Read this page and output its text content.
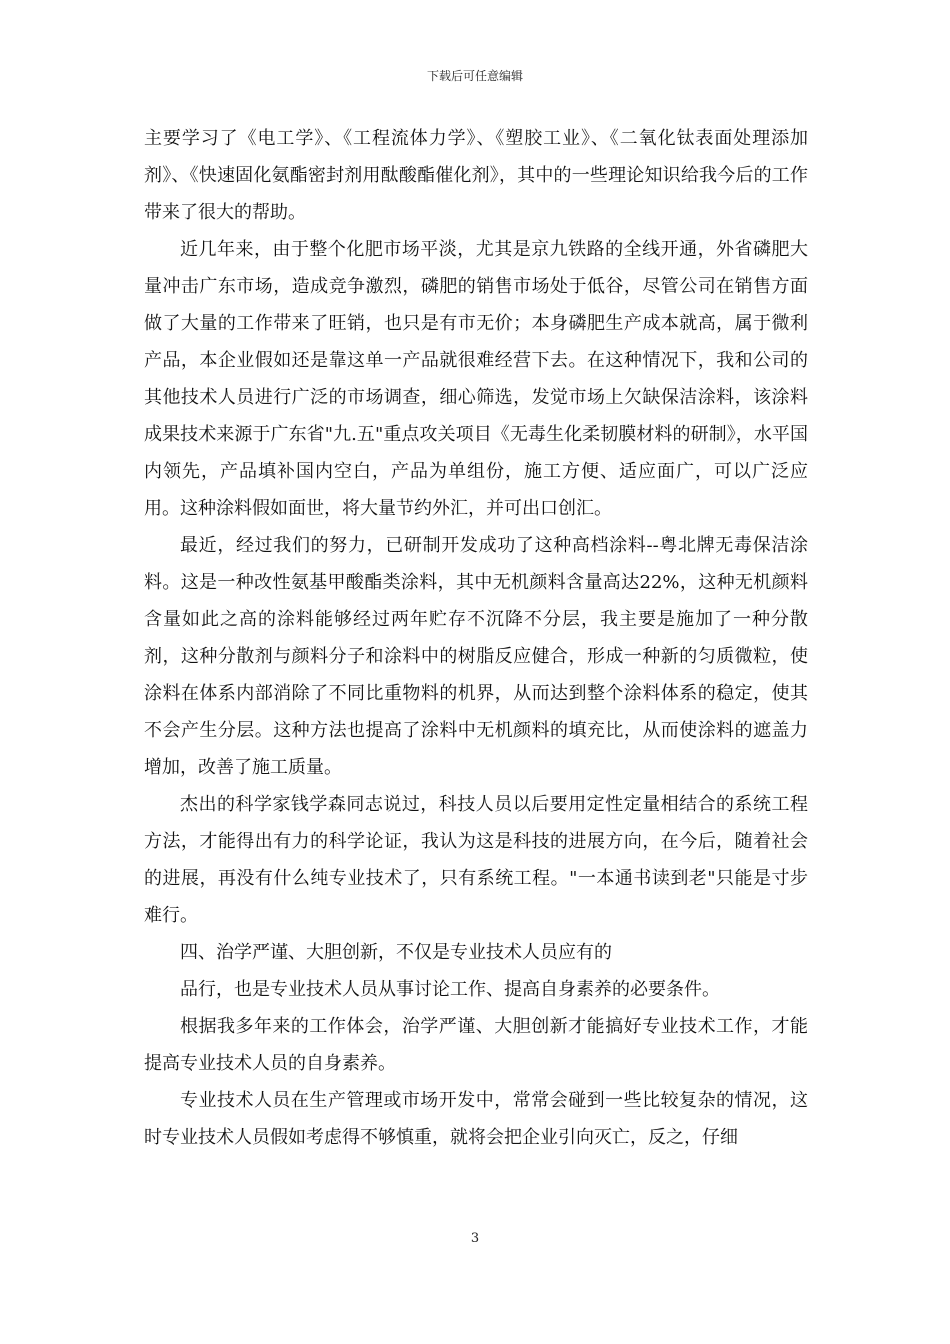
下载后可任意编辑

主要学习了《电工学》、《工程流体力学》、《塑胶工业》、《二氧化钛表面处理添加剂》、《快速固化氨酯密封剂用酞酸酯催化剂》，其中的一些理论知识给我今后的工作带来了很大的帮助。

近几年来，由于整个化肥市场平淡，尤其是京九铁路的全线开通，外省磷肥大量冲击广东市场，造成竞争激烈，磷肥的销售市场处于低谷，尽管公司在销售方面做了大量的工作带来了旺销，也只是有市无价；本身磷肥生产成本就高，属于微利产品，本企业假如还是靠这单一产品就很难经营下去。在这种情况下，我和公司的其他技术人员进行广泛的市场调查，细心筛选，发觉市场上欠缺保洁涂料，该涂料成果技术来源于广东省"九.五"重点攻关项目《无毒生化柔韧膜材料的研制》，水平国内领先，产品填补国内空白，产品为单组份，施工方便、适应面广，可以广泛应用。这种涂料假如面世，将大量节约外汇，并可出口创汇。

最近，经过我们的努力，已研制开发成功了这种高档涂料--粤北牌无毒保洁涂料。这是一种改性氨基甲酸酯类涂料，其中无机颜料含量高达22%，这种无机颜料含量如此之高的涂料能够经过两年贮存不沉降不分层，我主要是施加了一种分散剂，这种分散剂与颜料分子和涂料中的树脂反应健合，形成一种新的匀质微粒，使涂料在体系内部消除了不同比重物料的机界，从而达到整个涂料体系的稳定，使其不会产生分层。这种方法也提高了涂料中无机颜料的填充比，从而使涂料的遮盖力增加，改善了施工质量。

杰出的科学家钱学森同志说过，科技人员以后要用定性定量相结合的系统工程方法，才能得出有力的科学论证，我认为这是科技的进展方向，在今后，随着社会的进展，再没有什么纯专业技术了，只有系统工程。"一本通书读到老"只能是寸步难行。

四、治学严谨、大胆创新，不仅是专业技术人员应有的

品行，也是专业技术人员从事讨论工作、提高自身素养的必要条件。

根据我多年来的工作体会，治学严谨、大胆创新才能搞好专业技术工作，才能提高专业技术人员的自身素养。

专业技术人员在生产管理或市场开发中，常常会碰到一些比较复杂的情况，这时专业技术人员假如考虑得不够慎重，就将会把企业引向灭亡，反之，仔细

3
